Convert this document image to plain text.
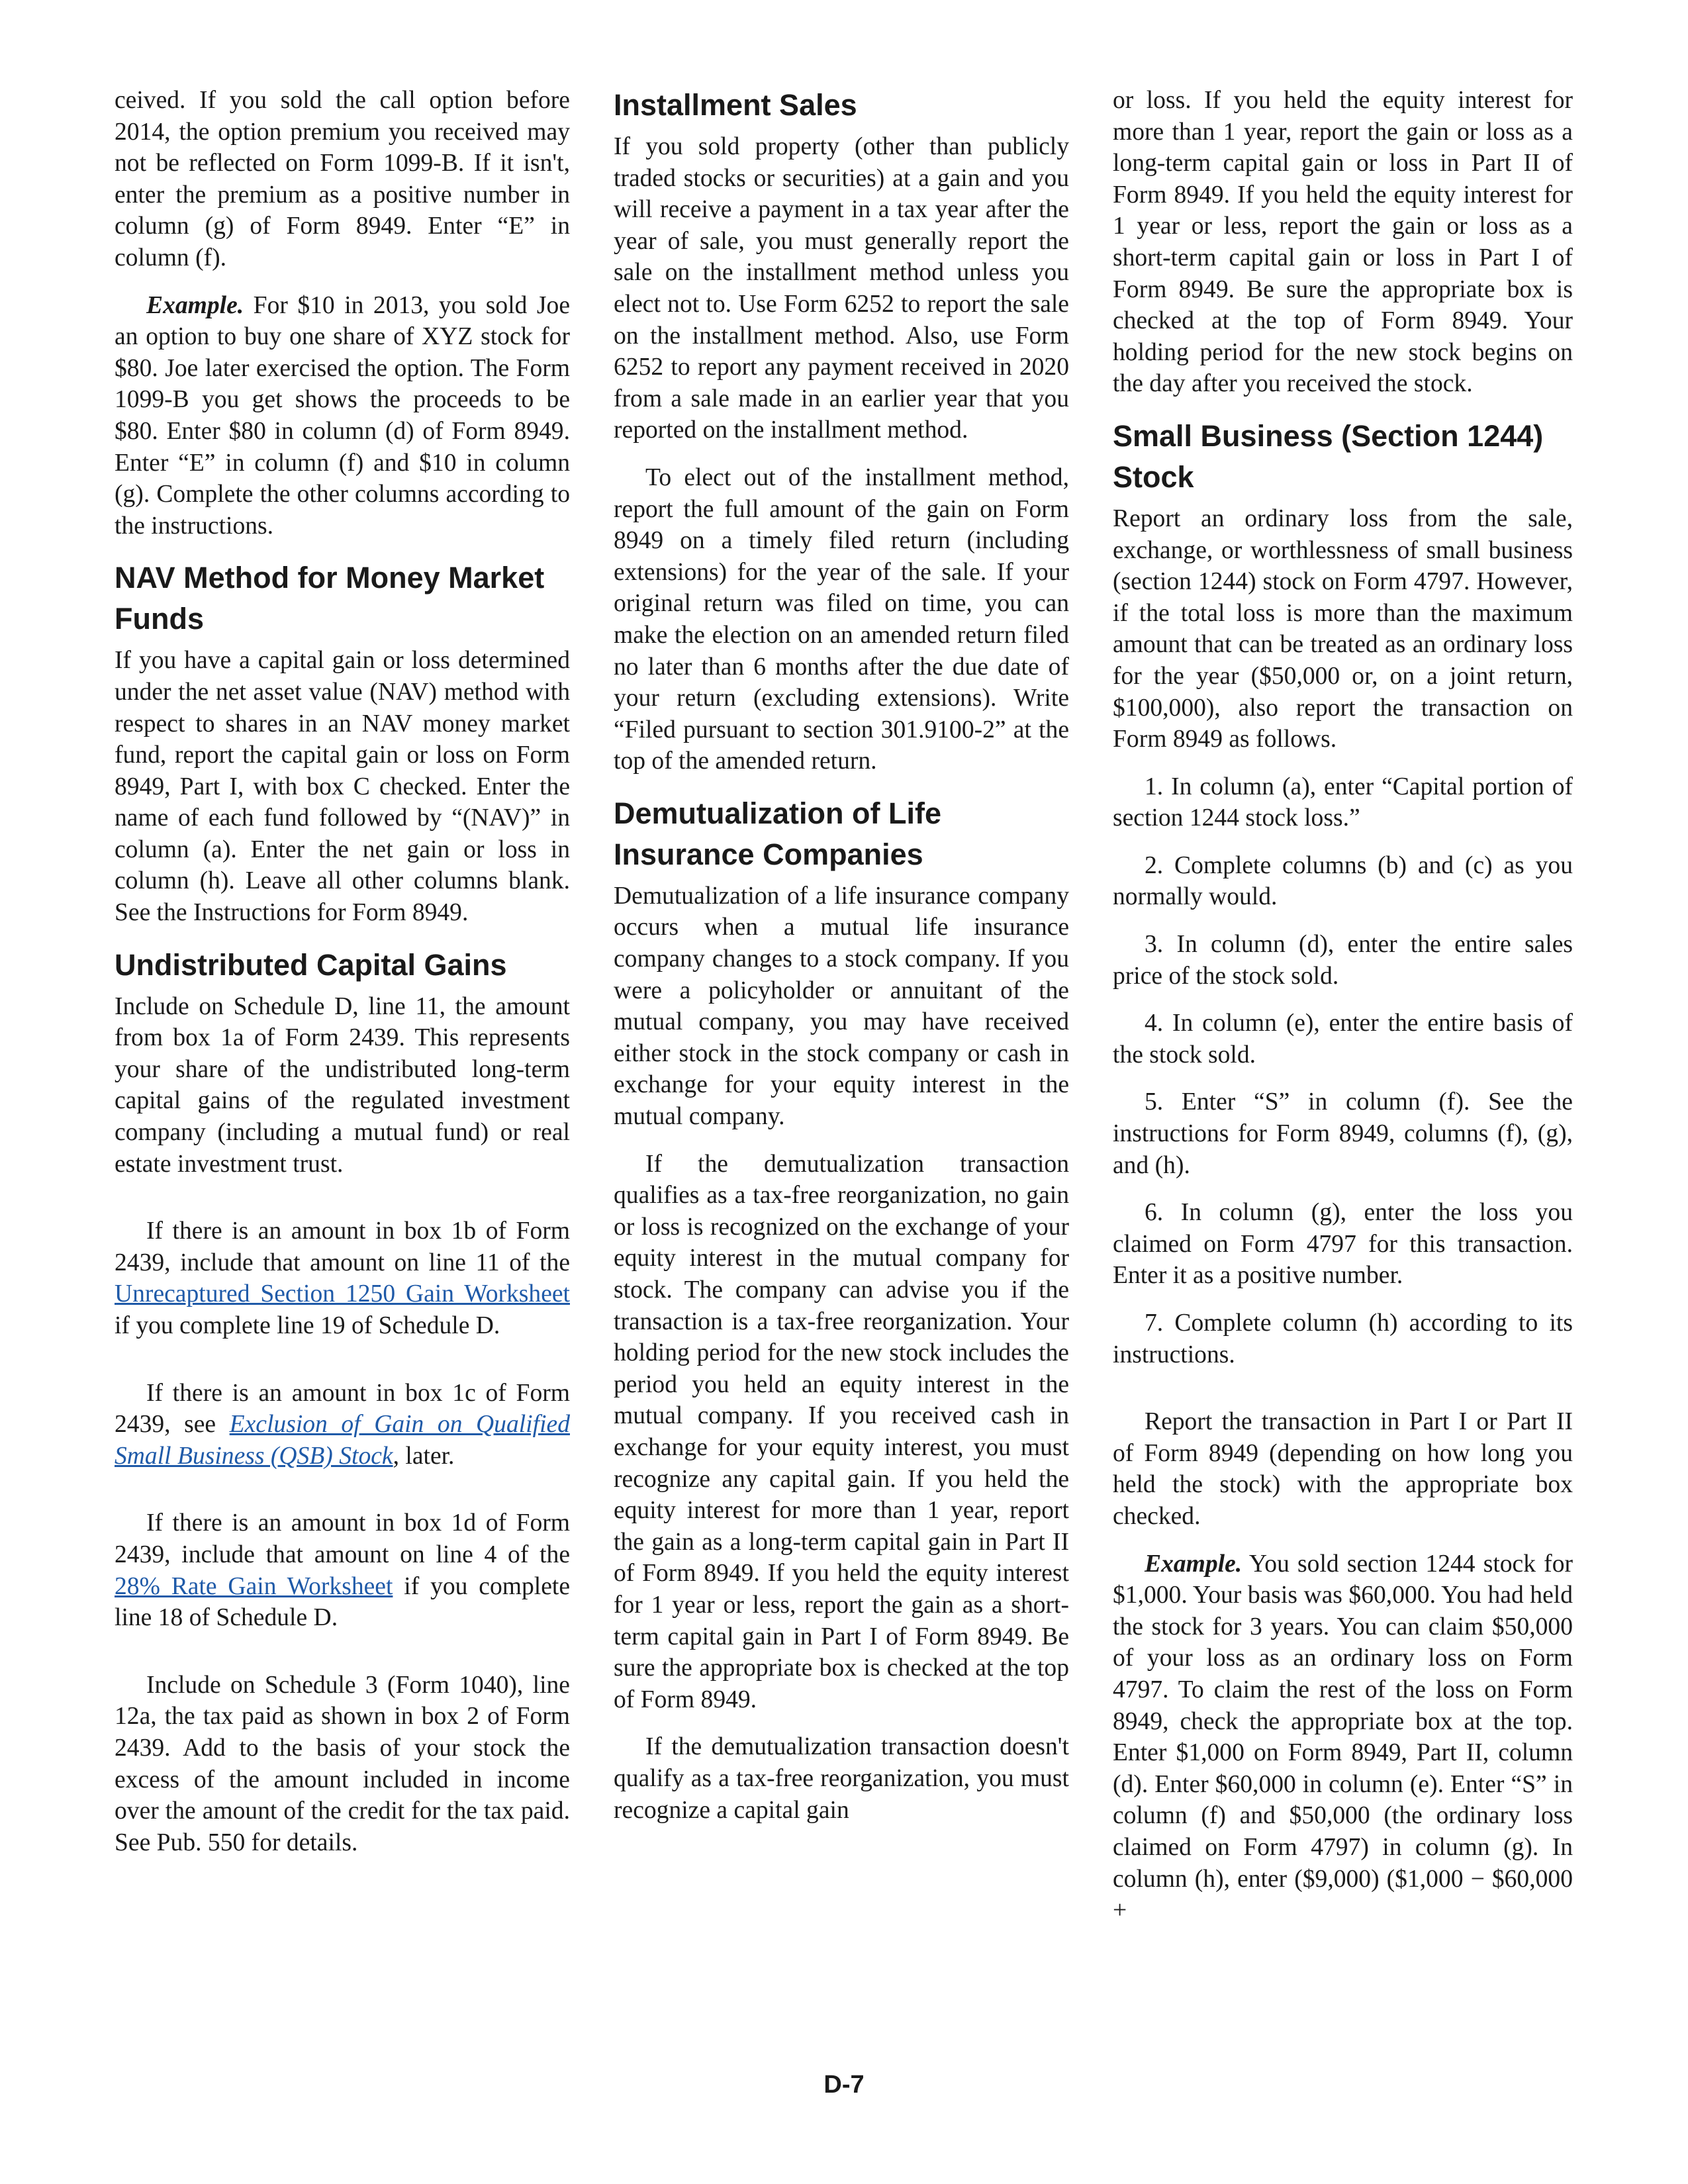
ceived. If you sold the call option before 2014, the option premium you received may not be reflected on Form 1099-B. If it isn't, enter the premium as a positive number in column (g) of Form 8949. Enter “E” in column (f).

Example. For $10 in 2013, you sold Joe an option to buy one share of XYZ stock for $80. Joe later exercised the option. The Form 1099-B you get shows the proceeds to be $80. Enter $80 in column (d) of Form 8949. Enter “E” in column (f) and $10 in column (g). Complete the other columns according to the instructions.

NAV Method for Money Market Funds

If you have a capital gain or loss determined under the net asset value (NAV) method with respect to shares in an NAV money market fund, report the capital gain or loss on Form 8949, Part I, with box C checked. Enter the name of each fund followed by “(NAV)” in column (a). Enter the net gain or loss in column (h). Leave all other columns blank. See the Instructions for Form 8949.

Undistributed Capital Gains

Include on Schedule D, line 11, the amount from box 1a of Form 2439. This represents your share of the undistributed long-term capital gains of the regulated investment company (including a mutual fund) or real estate investment trust.

If there is an amount in box 1b of Form 2439, include that amount on line 11 of the Unrecaptured Section 1250 Gain Worksheet if you complete line 19 of Schedule D.

If there is an amount in box 1c of Form 2439, see Exclusion of Gain on Qualified Small Business (QSB) Stock, later.

If there is an amount in box 1d of Form 2439, include that amount on line 4 of the 28% Rate Gain Worksheet if you complete line 18 of Schedule D.

Include on Schedule 3 (Form 1040), line 12a, the tax paid as shown in box 2 of Form 2439. Add to the basis of your stock the excess of the amount included in income over the amount of the credit for the tax paid. See Pub. 550 for details.

Installment Sales

If you sold property (other than publicly traded stocks or securities) at a gain and you will receive a payment in a tax year after the year of sale, you must generally report the sale on the installment method unless you elect not to. Use Form 6252 to report the sale on the installment method. Also, use Form 6252 to report any payment received in 2020 from a sale made in an earlier year that you reported on the installment method.

To elect out of the installment method, report the full amount of the gain on Form 8949 on a timely filed return (including extensions) for the year of the sale. If your original return was filed on time, you can make the election on an amended return filed no later than 6 months after the due date of your return (excluding extensions). Write “Filed pursuant to section 301.9100-2” at the top of the amended return.

Demutualization of Life Insurance Companies

Demutualization of a life insurance company occurs when a mutual life insurance company changes to a stock company. If you were a policyholder or annuitant of the mutual company, you may have received either stock in the stock company or cash in exchange for your equity interest in the mutual company.

If the demutualization transaction qualifies as a tax-free reorganization, no gain or loss is recognized on the exchange of your equity interest in the mutual company for stock. The company can advise you if the transaction is a tax-free reorganization. Your holding period for the new stock includes the period you held an equity interest in the mutual company. If you received cash in exchange for your equity interest, you must recognize any capital gain. If you held the equity interest for more than 1 year, report the gain as a long-term capital gain in Part II of Form 8949. If you held the equity interest for 1 year or less, report the gain as a short-term capital gain in Part I of Form 8949. Be sure the appropriate box is checked at the top of Form 8949.

If the demutualization transaction doesn't qualify as a tax-free reorganization, you must recognize a capital gain

or loss. If you held the equity interest for more than 1 year, report the gain or loss as a long-term capital gain or loss in Part II of Form 8949. If you held the equity interest for 1 year or less, report the gain or loss as a short-term capital gain or loss in Part I of Form 8949. Be sure the appropriate box is checked at the top of Form 8949. Your holding period for the new stock begins on the day after you received the stock.

Small Business (Section 1244) Stock

Report an ordinary loss from the sale, exchange, or worthlessness of small business (section 1244) stock on Form 4797. However, if the total loss is more than the maximum amount that can be treated as an ordinary loss for the year ($50,000 or, on a joint return, $100,000), also report the transaction on Form 8949 as follows.

1. In column (a), enter “Capital portion of section 1244 stock loss.”

2. Complete columns (b) and (c) as you normally would.

3. In column (d), enter the entire sales price of the stock sold.

4. In column (e), enter the entire basis of the stock sold.

5. Enter “S” in column (f). See the instructions for Form 8949, columns (f), (g), and (h).

6. In column (g), enter the loss you claimed on Form 4797 for this transaction. Enter it as a positive number.

7. Complete column (h) according to its instructions.

Report the transaction in Part I or Part II of Form 8949 (depending on how long you held the stock) with the appropriate box checked.

Example. You sold section 1244 stock for $1,000. Your basis was $60,000. You had held the stock for 3 years. You can claim $50,000 of your loss as an ordinary loss on Form 4797. To claim the rest of the loss on Form 8949, check the appropriate box at the top. Enter $1,000 on Form 8949, Part II, column (d). Enter $60,000 in column (e). Enter “S” in column (f) and $50,000 (the ordinary loss claimed on Form 4797) in column (g). In column (h), enter ($9,000) ($1,000 − $60,000 +

D-7
